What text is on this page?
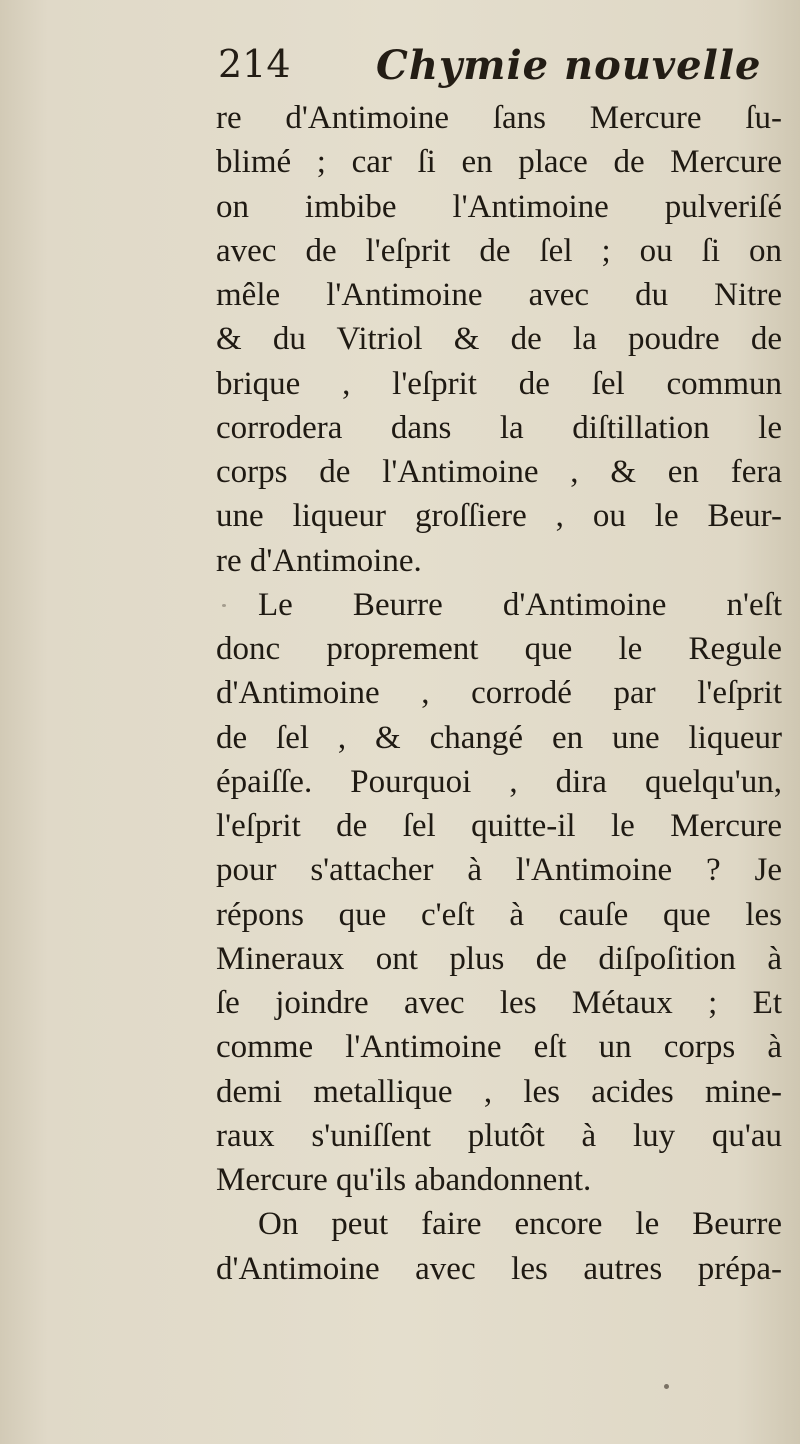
214 Chymie nouvelle
re d'Antimoine ſans Mercure ſu-
blimé ; car ſi en place de Mercure
on imbibe l'Antimoine pulveriſé
avec de l'eſprit de ſel ; ou ſi on
mêlе l'Antimoine avec du Nitre
& du Vitriol & de la poudre de
brique , l'eſprit de ſel commun
corrodera dans la diſtillation le
corps de l'Antimoine , & en fera
une liqueur groſſiere , ou le Beur-
re d'Antimoine.
Le Beurre d'Antimoine n'eſt
donc proprement que le Regule
d'Antimoine , corrodé par l'eſprit
de ſel , & changé en une liqueur
épaiſſe. Pourquoi , dira quelqu'un,
l'eſprit de ſel quitte-il le Mercure
pour s'attacher à l'Antimoine ? Je
répons que c'eſt à cauſe que les
Mineraux ont plus de diſpoſition à
ſe joindre avec les Métaux ; Et
comme l'Antimoine eſt un corps à
demi metallique , les acides mine-
raux s'uniſſent plutôt à luy qu'au
Mercure qu'ils abandonnent.
On peut faire encore le Beurre
d'Antimoine avec les autres prépa-
